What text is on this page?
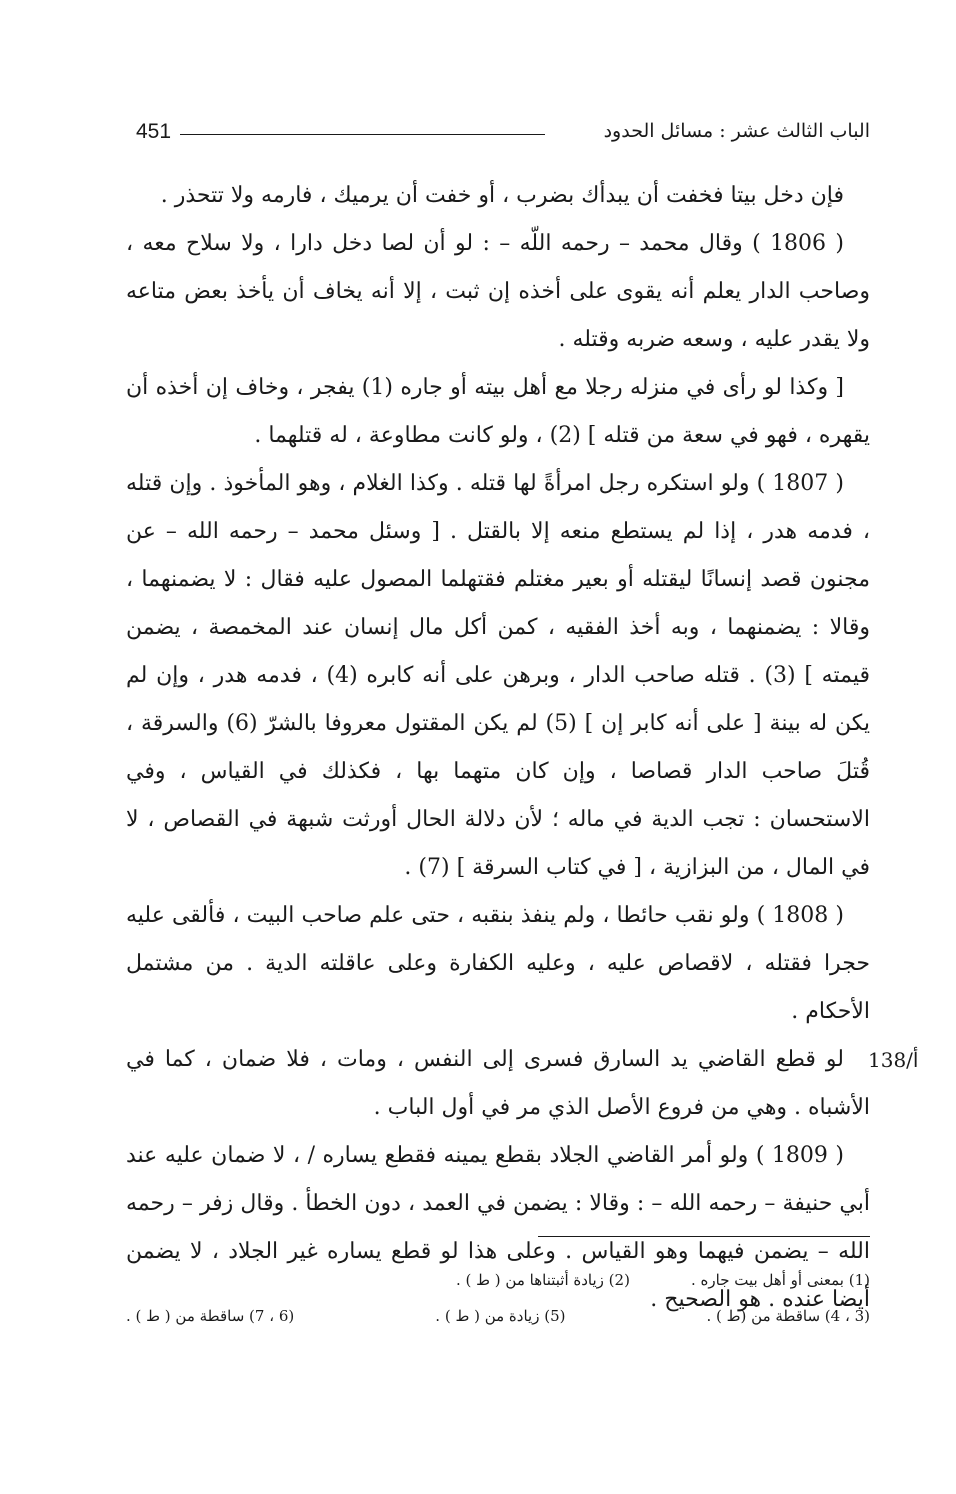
451	الباب الثالث عشر : مسائل الحدود

فإن دخل بيتا فخفت أن يبدأك بضرب ، أو خفت أن يرميك ، فارمه ولا تتحذر .

( 1806 ) وقال محمد – رحمه اللّه – : لو أن لصا دخل دارا ، ولا سلاح معه ، وصاحب الدار يعلم أنه يقوى على أخذه إن ثبت ، إلا أنه يخاف أن يأخذ بعض متاعه ولا يقدر عليه ، وسعه ضربه وقتله .

[ وكذا لو رأى في منزله رجلا مع أهل بيته أو جاره (1) يفجر ، وخاف إن أخذه أن يقهره ، فهو في سعة من قتله ] (2) ، ولو كانت مطاوعة ، له قتلهما .

( 1807 ) ولو استكره رجل امرأةً لها قتله . وكذا الغلام ، وهو المأخوذ . وإن قتله ، فدمه هدر ، إذا لم يستطع منعه إلا بالقتل . [ وسئل محمد – رحمه الله – عن مجنون قصد إنسانًا ليقتله أو بعير مغتلم فقتهلما المصول عليه فقال : لا يضمنهما ، وقالا : يضمنهما ، وبه أخذ الفقيه ، كمن أكل مال إنسان عند المخمصة ، يضمن قيمته ] (3) . قتله صاحب الدار ، وبرهن على أنه كابره (4) ، فدمه هدر ، وإن لم يكن له بينة [ على أنه كابر إن ] (5) لم يكن المقتول معروفا بالشرّ (6) والسرقة ، قُتلَ صاحب الدار قصاصا ، وإن كان متهما بها ، فكذلك في القياس ، وفي الاستحسان : تجب الدية في ماله ؛ لأن دلالة الحال أورثت شبهة في القصاص ، لا في المال ، من البزازية ، [ في كتاب السرقة ] (7) .

( 1808 ) ولو نقب حائطا ، ولم ينفذ بنقبه ، حتى علم صاحب البيت ، فألقى عليه حجرا فقتله ، لاقصاص عليه ، وعليه الكفارة وعلى عاقلته الدية . من مشتمل الأحكام .

لو قطع القاضي يد السارق فسرى إلى النفس ، ومات ، فلا ضمان ، كما في الأشباه . وهي من فروع الأصل الذي مر في أول الباب .

( 1809 ) ولو أمر القاضي الجلاد بقطع يمينه فقطع يساره / ، لا ضمان عليه عند أبي حنيفة – رحمه الله – : وقالا : يضمن في العمد ، دون الخطأ . وقال زفر – رحمه الله – يضمن فيهما وهو القياس . وعلى هذا لو قطع يساره غير الجلاد ، لا يضمن أيضا عنده . هو الصحيح .

138/أ
(1) بمعنى أو أهل بيت جاره .
(2) زيادة أثبتناها من ( ط ) .
(3 ، 4) ساقطة من (ط ) .
(5) زيادة من ( ط ) .
(6 ، 7) ساقطة من ( ط ) .
